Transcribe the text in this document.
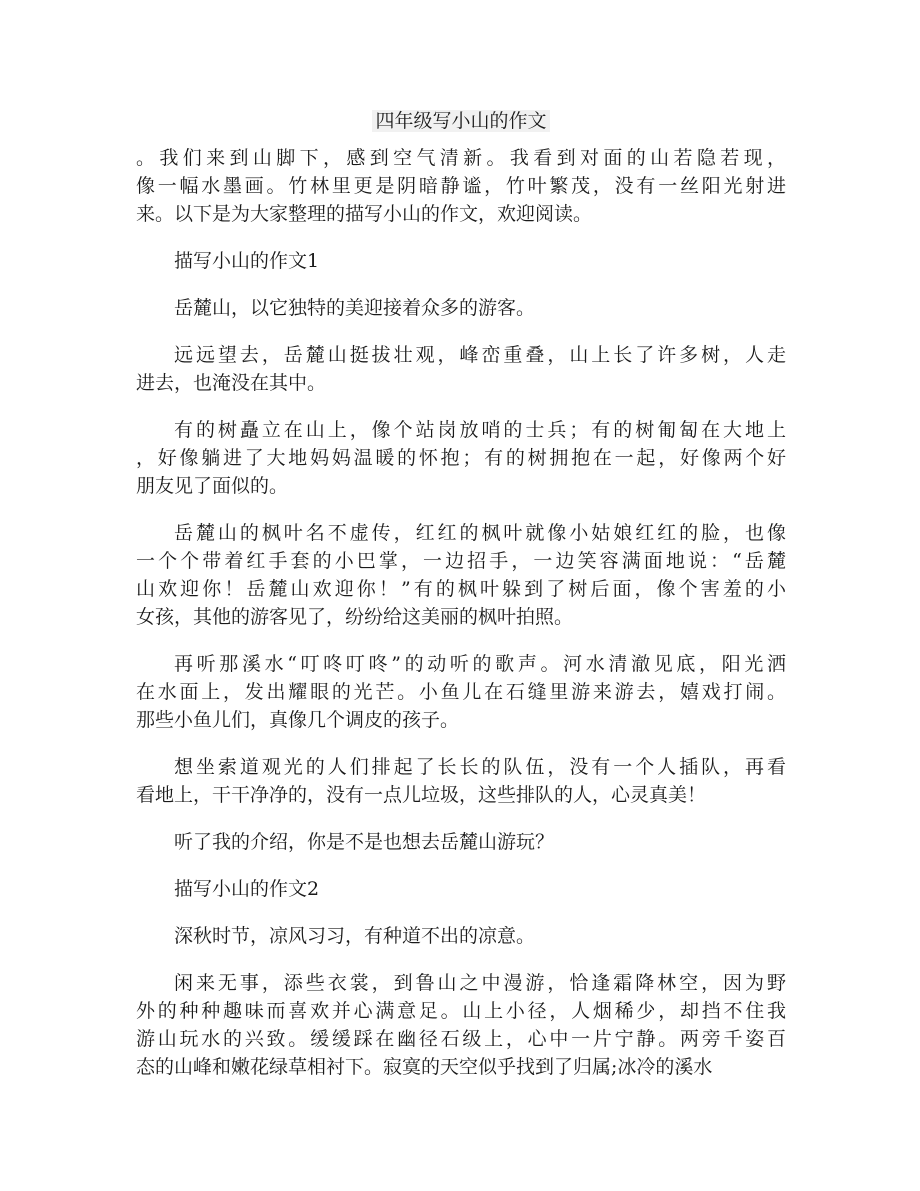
四年级写小山的作文
。我们来到山脚下，感到空气清新。我看到对面的山若隐若现，
像一幅水墨画。竹林里更是阴暗静谧，竹叶繁茂，没有一丝阳光射进
来。以下是为大家整理的描写小山的作文，欢迎阅读。
描写小山的作文1
岳麓山，以它独特的美迎接着众多的游客。
远远望去，岳麓山挺拔壮观，峰峦重叠，山上长了许多树，人走
进去，也淹没在其中。
有的树矗立在山上，像个站岗放哨的士兵；有的树匍匐在大地上
，好像躺进了大地妈妈温暖的怀抱；有的树拥抱在一起，好像两个好
朋友见了面似的。
岳麓山的枫叶名不虚传，红红的枫叶就像小姑娘红红的脸，也像
一个个带着红手套的小巴掌，一边招手，一边笑容满面地说：“岳麓
山欢迎你！岳麓山欢迎你！”有的枫叶躲到了树后面，像个害羞的小
女孩，其他的游客见了，纷纷给这美丽的枫叶拍照。
再听那溪水“叮咚叮咚”的动听的歌声。河水清澈见底，阳光洒
在水面上，发出耀眼的光芒。小鱼儿在石缝里游来游去，嬉戏打闹。
那些小鱼儿们，真像几个调皮的孩子。
想坐索道观光的人们排起了长长的队伍，没有一个人插队，再看
看地上，干干净净的，没有一点儿垃圾，这些排队的人，心灵真美！
听了我的介绍，你是不是也想去岳麓山游玩？
描写小山的作文2
深秋时节，凉风习习，有种道不出的凉意。
闲来无事，添些衣裳，到鲁山之中漫游，恰逢霜降林空，因为野
外的种种趣味而喜欢并心满意足。山上小径，人烟稀少，却挡不住我
游山玩水的兴致。缓缓踩在幽径石级上，心中一片宁静。两旁千姿百
态的山峰和嫩花绿草相衬下。寂寞的天空似乎找到了归属;冰冷的溪水
